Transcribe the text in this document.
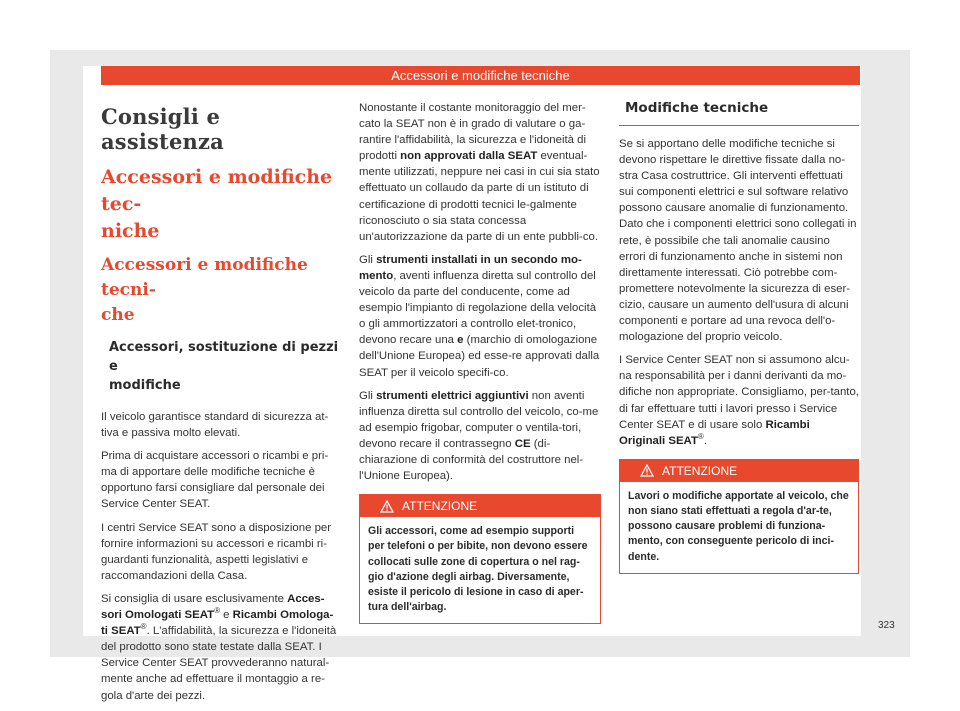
Accessori e modifiche tecniche
Consigli e assistenza
Accessori e modifiche tec-
niche
Accessori e modifiche tecni-
che
Accessori, sostituzione di pezzi e
modifiche

Il veicolo garantisce standard di sicurezza at-tiva e passiva molto elevati.

Prima di acquistare accessori o ricambi e pri-ma di apportare delle modifiche tecniche è opportuno farsi consigliare dal personale dei Service Center SEAT.

I centri Service SEAT sono a disposizione per fornire informazioni su accessori e ricambi ri-guardanti funzionalità, aspetti legislativi e raccomandazioni della Casa.

Si consiglia di usare esclusivamente Acces-sori Omologati SEAT® e Ricambi Omologa-ti SEAT®. L'affidabilità, la sicurezza e l'idoneità del prodotto sono state testate dalla SEAT. I Service Center SEAT provvederanno natural-mente anche ad effettuare il montaggio a re-gola d'arte dei pezzi.

Nonostante il costante monitoraggio del mer-cato la SEAT non è in grado di valutare o ga-rantire l'affidabilità, la sicurezza e l'idoneità di prodotti non approvati dalla SEAT eventual-mente utilizzati, neppure nei casi in cui sia stato effettuato un collaudo da parte di un istituto di certificazione di prodotti tecnici le-galmente riconosciuto o sia stata concessa un'autorizzazione da parte di un ente pubbli-co.

Gli strumenti installati in un secondo mo-mento, aventi influenza diretta sul controllo del veicolo da parte del conducente, come ad esempio l'impianto di regolazione della velocità o gli ammortizzatori a controllo elet-tronico, devono recare una e (marchio di omologazione dell'Unione Europea) ed esse-re approvati dalla SEAT per il veicolo specifi-co.

Gli strumenti elettrici aggiuntivi non aventi influenza diretta sul controllo del veicolo, co-me ad esempio frigobar, computer o ventila-tori, devono recare il contrassegno CE (di-chiarazione di conformità del costruttore nel-l'Unione Europea).

ATTENZIONE
Gli accessori, come ad esempio supporti per telefoni o per bibite, non devono essere collocati sulle zone di copertura o nel rag-gio d'azione degli airbag. Diversamente, esiste il pericolo di lesione in caso di aper-tura dell'airbag.
Modifiche tecniche

Se si apportano delle modifiche tecniche si devono rispettare le direttive fissate dalla no-stra Casa costruttrice. Gli interventi effettuati sui componenti elettrici e sul software relativo possono causare anomalie di funzionamento. Dato che i componenti elettrici sono collegati in rete, è possibile che tali anomalie causino errori di funzionamento anche in sistemi non direttamente interessati. Ciò potrebbe com-promettere notevolmente la sicurezza di eser-cizio, causare un aumento dell'usura di alcuni componenti e portare ad una revoca dell'o-mologazione del proprio veicolo.

I Service Center SEAT non si assumono alcu-na responsabilità per i danni derivanti da mo-difiche non appropriate. Consigliamo, per-tanto, di far effettuare tutti i lavori presso i Service Center SEAT e di usare solo Ricambi Originali SEAT®.

ATTENZIONE
Lavori o modifiche apportate al veicolo, che non siano stati effettuati a regola d'ar-te, possono causare problemi di funziona-mento, con conseguente pericolo di inci-dente.
323
